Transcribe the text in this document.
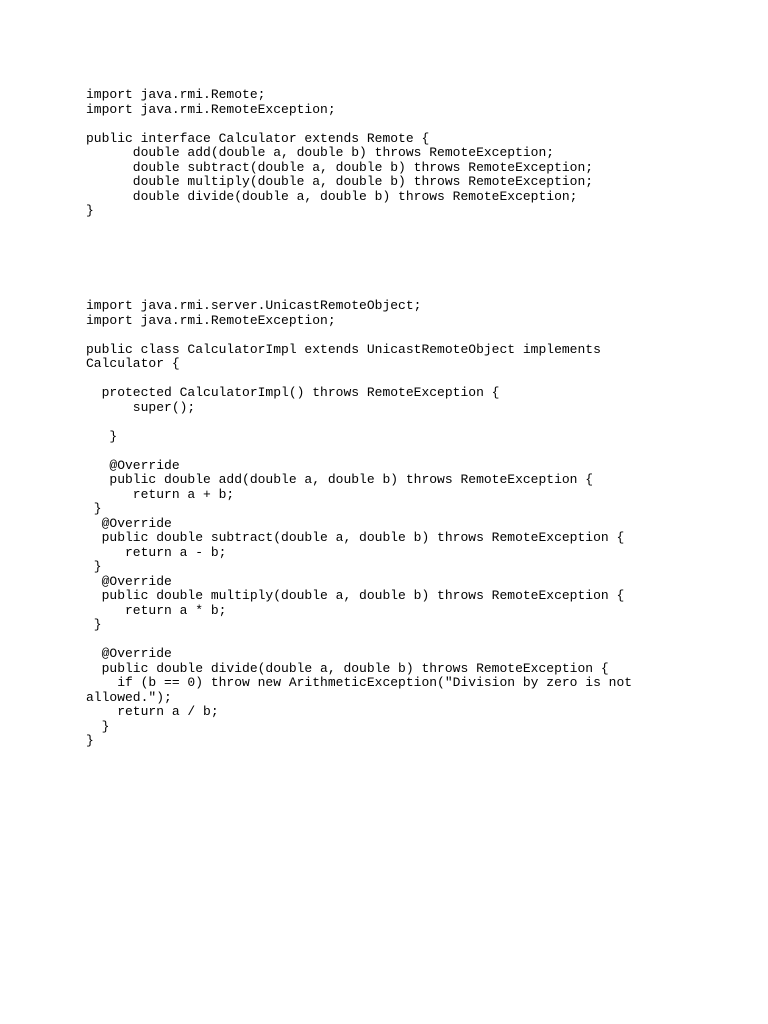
import java.rmi.Remote;
import java.rmi.RemoteException;
public interface Calculator extends Remote {
double add(double a, double b) throws RemoteException;
double subtract(double a, double b) throws RemoteException;
double multiply(double a, double b) throws RemoteException;
double divide(double a, double b) throws RemoteException;
}
import java.rmi.server.UnicastRemoteObject;
import java.rmi.RemoteException;
public class CalculatorImpl extends UnicastRemoteObject implements
Calculator {
protected CalculatorImpl() throws RemoteException {
super();
}
@Override
public double add(double a, double b) throws RemoteException {
return a + b;
}
@Override
public double subtract(double a, double b) throws RemoteException {
return a - b;
}
@Override
public double multiply(double a, double b) throws RemoteException {
return a * b;
}
@Override
public double divide(double a, double b) throws RemoteException {
if (b == 0) throw new ArithmeticException("Division by zero is not
allowed.");
return a / b;
}
}
